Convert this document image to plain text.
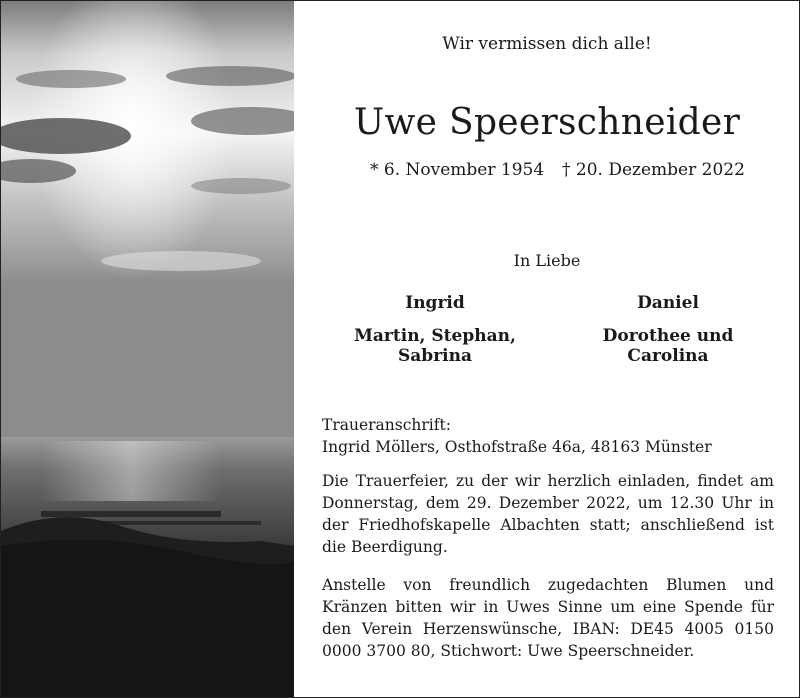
Wir vermissen dich alle!
Uwe Speerschneider
* 6. November 1954 † 20. Dezember 2022
In Liebe
Ingrid
Martin, Stephan, Sabrina
Daniel
Dorothee und Carolina
Traueranschrift:
Ingrid Möllers, Osthofstraße 46a, 48163 Münster
Die Trauerfeier, zu der wir herzlich einladen, findet am Donnerstag, dem 29. Dezember 2022, um 12.30 Uhr in der Friedhofskapelle Albachten statt; anschließend ist die Beerdigung.
Anstelle von freundlich zugedachten Blumen und Kränzen bitten wir in Uwes Sinne um eine Spende für den Verein Herzenswünsche, IBAN: DE45 4005 0150 0000 3700 80, Stichwort: Uwe Speerschneider.
